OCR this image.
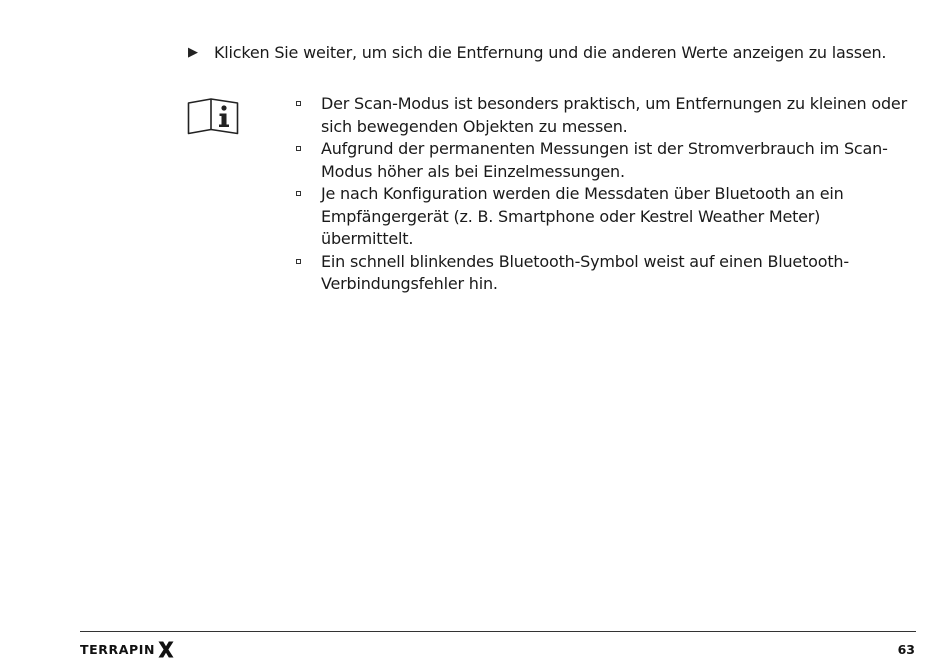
▶	Klicken Sie weiter, um sich die Entfernung und die anderen Werte anzeigen zu lassen.
Der Scan-Modus ist besonders praktisch, um Entfernungen zu kleinen oder sich bewegenden Objekten zu messen.
Aufgrund der permanenten Messungen ist der Stromverbrauch im Scan-Modus höher als bei Einzelmessungen.
Je nach Konfiguration werden die Messdaten über Bluetooth an ein Empfängergerät (z. B. Smartphone oder Kestrel Weather Meter) übermittelt.
Ein schnell blinkendes Bluetooth-Symbol weist auf einen Bluetooth-Verbindungsfehler hin.
TERRAPIN	63
